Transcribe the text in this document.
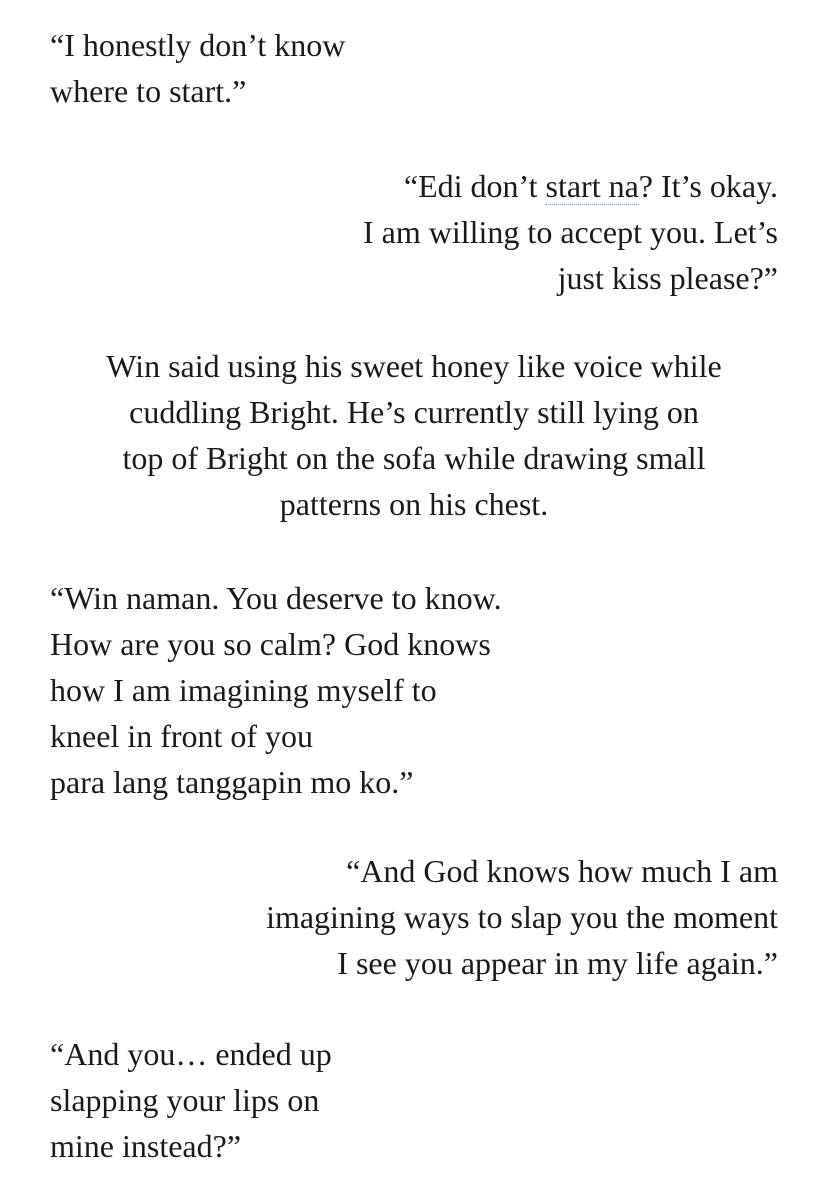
“I honestly don’t know
where to start.”

“Edi don’t start na? It’s okay.
I am willing to accept you. Let’s
just kiss please?”

Win said using his sweet honey like voice while
cuddling Bright. He’s currently still lying on
top of Bright on the sofa while drawing small
patterns on his chest.

“Win naman. You deserve to know.
How are you so calm? God knows
how I am imagining myself to
kneel in front of you
para lang tanggapin mo ko.”

“And God knows how much I am
imagining ways to slap you the moment
I see you appear in my life again.”

“And you… ended up
slapping your lips on
mine instead?”
